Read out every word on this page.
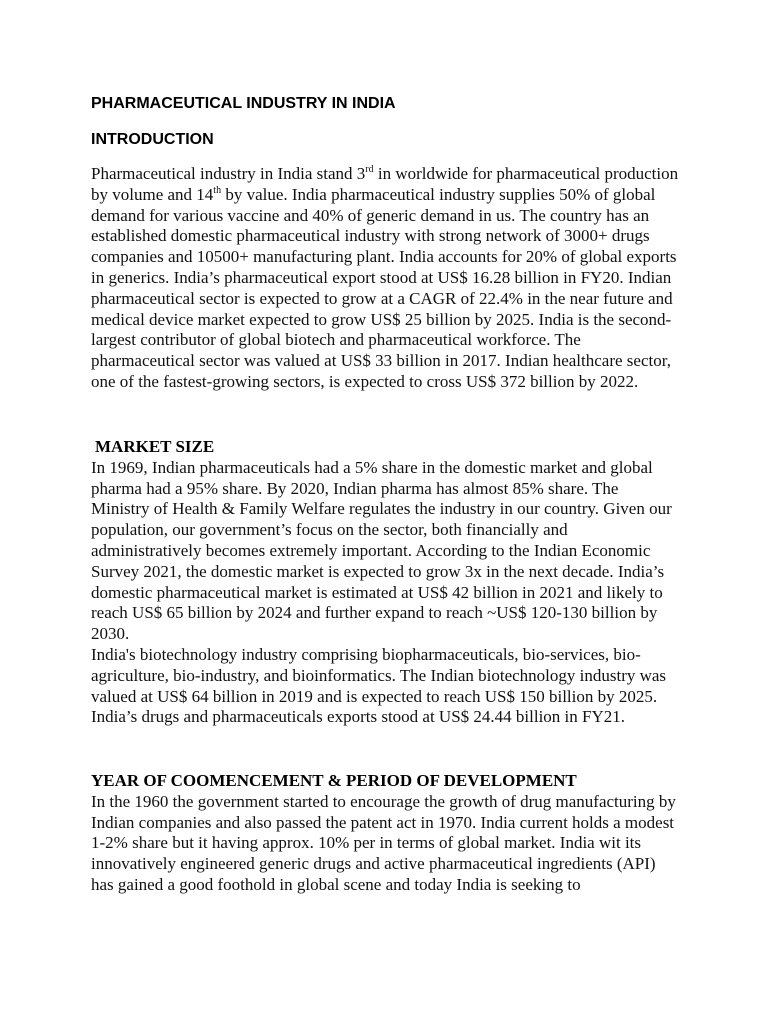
PHARMACEUTICAL INDUSTRY IN INDIA
INTRODUCTION

Pharmaceutical industry in India stand 3rd in worldwide for pharmaceutical production by volume and 14th by value. India pharmaceutical industry supplies 50% of global demand for various vaccine and 40% of generic demand in us. The country has an established domestic pharmaceutical industry with strong network of 3000+ drugs companies and 10500+ manufacturing plant. India accounts for 20% of global exports in generics. India’s pharmaceutical export stood at US$ 16.28 billion in FY20. Indian pharmaceutical sector is expected to grow at a CAGR of 22.4% in the near future and medical device market expected to grow US$ 25 billion by 2025. India is the second-largest contributor of global biotech and pharmaceutical workforce. The pharmaceutical sector was valued at US$ 33 billion in 2017. Indian healthcare sector, one of the fastest-growing sectors, is expected to cross US$ 372 billion by 2022.

MARKET SIZE

In 1969, Indian pharmaceuticals had a 5% share in the domestic market and global pharma had a 95% share. By 2020, Indian pharma has almost 85% share. The Ministry of Health & Family Welfare regulates the industry in our country. Given our population, our government’s focus on the sector, both financially and administratively becomes extremely important. According to the Indian Economic Survey 2021, the domestic market is expected to grow 3x in the next decade. India’s domestic pharmaceutical market is estimated at US$ 42 billion in 2021 and likely to reach US$ 65 billion by 2024 and further expand to reach ~US$ 120-130 billion by 2030.

India's biotechnology industry comprising biopharmaceuticals, bio-services, bio-agriculture, bio-industry, and bioinformatics. The Indian biotechnology industry was valued at US$ 64 billion in 2019 and is expected to reach US$ 150 billion by 2025.

India’s drugs and pharmaceuticals exports stood at US$ 24.44 billion in FY21.

YEAR OF COOMENCEMENT & PERIOD OF DEVELOPMENT

In the 1960 the government started to encourage the growth of drug manufacturing by Indian companies and also passed the patent act in 1970. India current holds a modest 1-2% share but it having approx. 10% per in terms of global market. India wit its innovatively engineered generic drugs and active pharmaceutical ingredients (API) has gained a good foothold in global scene and today India is seeking to
